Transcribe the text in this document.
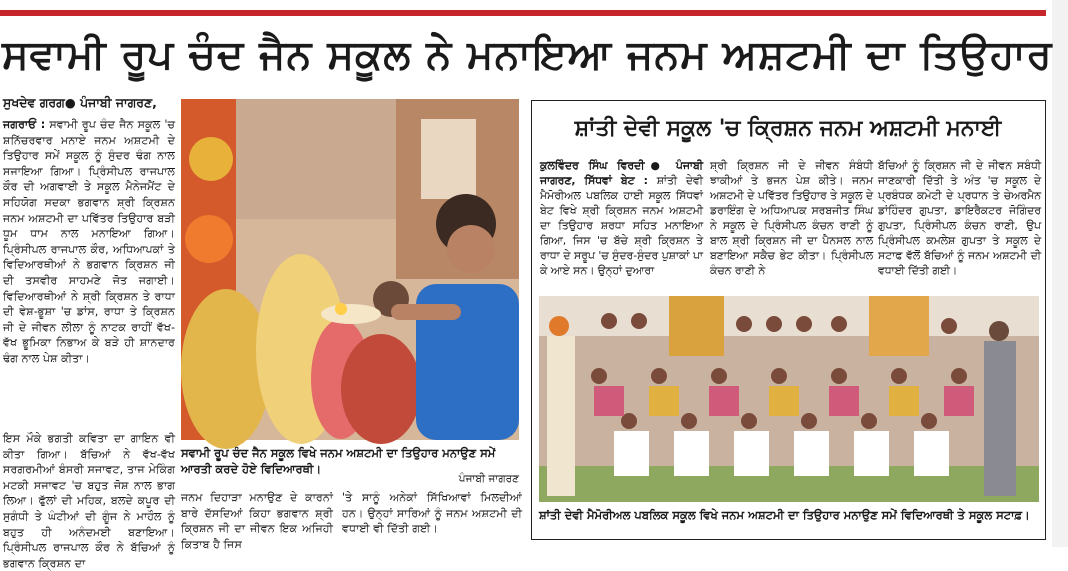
ਸਵਾਮੀ ਰੂਪ ਚੰਦ ਜੈਨ ਸਕੂਲ ਨੇ ਮਨਾਇਆ ਜਨਮ ਅਸ਼ਟਮੀ ਦਾ ਤਿਉਹਾਰ
ਸੁਖਦੇਵ ਗਰਗ● ਪੰਜਾਬੀ ਜਾਗਰਣ,

ਜਗਰਾਓਂ : ਸਵਾਮੀ ਰੂਪ ਚੰਦ ਜੈਨ ਸਕੂਲ 'ਚ ਸ਼ਨਿੱਚਰਵਾਰ ਮਨਾਏ ਜਨਮ ਅਸ਼ਟਮੀ ਦੇ ਤਿਉਹਾਰ ਸਮੇਂ ਸਕੂਲ ਨੂੰ ਸੁੰਦਰ ਢੰਗ ਨਾਲ ਸਜਾਇਆ ਗਿਆ। ਪ੍ਰਿੰਸੀਪਲ ਰਾਜਪਾਲ ਕੌਰ ਦੀ ਅਗਵਾਈ ਤੇ ਸਕੂਲ ਮੈਨੇਜਮੈਂਟ ਦੇ ਸਹਿਯੋਗ ਸਦਕਾ ਭਗਵਾਨ ਸ਼੍ਰੀ ਕ੍ਰਿਸ਼ਨ ਜਨਮ ਅਸ਼ਟਮੀ ਦਾ ਪਵਿੱਤਰ ਤਿਉਹਾਰ ਬੜੀ ਧੂਮ ਧਾਮ ਨਾਲ ਮਨਾਇਆ ਗਿਆ। ਪ੍ਰਿੰਸੀਪਲ ਰਾਜਪਾਲ ਕੌਰ, ਅਧਿਆਪਕਾਂ ਤੇ ਵਿਦਿਆਰਥੀਆਂ ਨੇ ਭਗਵਾਨ ਕ੍ਰਿਸ਼ਨ ਜੀ ਦੀ ਤਸਵੀਰ ਸਾਹਮਣੇ ਜੋਤ ਜਗਾਈ। ਵਿਦਿਆਰਥੀਆਂ ਨੇ ਸ਼੍ਰੀ ਕ੍ਰਿਸ਼ਨ ਤੇ ਰਾਧਾ ਦੀ ਵੇਸ਼-ਭੂਸ਼ਾ 'ਚ ਡਾਂਸ, ਰਾਧਾ ਤੇ ਕ੍ਰਿਸ਼ਨ ਜੀ ਦੇ ਜੀਵਨ ਲੀਲਾ ਨੂੰ ਨਾਟਕ ਰਾਹੀਂ ਵੱਖ-ਵੱਖ ਭੂਮਿਕਾ ਨਿਭਾਅ ਕੇ ਬੜੇ ਹੀ ਸ਼ਾਨਦਾਰ ਢੰਗ ਨਾਲ ਪੇਸ਼ ਕੀਤਾ।

ਇਸ ਮੌਕੇ ਭਗਤੀ ਕਵਿਤਾ ਦਾ ਗਾਇਨ ਵੀ ਕੀਤਾ ਗਿਆ। ਬੱਚਿਆਂ ਨੇ ਵੱਖ-ਵੱਖ ਸਰਗਰਮੀਆਂ ਬੰਸਰੀ ਸਜਾਵਟ, ਤਾਜ ਮੇਕਿੰਗ ਮਟਕੀ ਸਜਾਵਟ 'ਚ ਬਹੁਤ ਜੋਸ਼ ਨਾਲ ਭਾਗ ਲਿਆ। ਫੁੱਲਾਂ ਦੀ ਮਹਿਕ, ਬਲਦੇ ਕਪੂਰ ਦੀ ਸੁਗੰਧੀ ਤੇ ਘੰਟੀਆਂ ਦੀ ਗੂੰਜ ਨੇ ਮਾਹੌਲ ਨੂੰ ਬਹੁਤ ਹੀ ਅਨੰਦਮਈ ਬਣਾਇਆ। ਪ੍ਰਿੰਸੀਪਲ ਰਾਜਪਾਲ ਕੌਰ ਨੇ ਬੱਚਿਆਂ ਨੂੰ ਭਗਵਾਨ ਕ੍ਰਿਸ਼ਨ ਦਾ

ਸਵਾਮੀ ਰੂਪ ਚੰਦ ਜੈਨ ਸਕੂਲ ਵਿਖੇ ਜਨਮ ਅਸ਼ਟਮੀ ਦਾ ਤਿਉਹਾਰ ਮਨਾਉਣ ਸਮੇਂ ਆਰਤੀ ਕਰਦੇ ਹੋਏ ਵਿਦਿਆਰਥੀ।
ਪੰਜਾਬੀ ਜਾਗਰਣ

ਜਨਮ ਦਿਹਾੜਾ ਮਨਾਉਣ ਦੇ ਕਾਰਨਾਂ ਬਾਰੇ ਦੱਸਦਿਆਂ ਕਿਹਾ ਭਗਵਾਨ ਸ਼੍ਰੀ ਕ੍ਰਿਸ਼ਨ ਜੀ ਦਾ ਜੀਵਨ ਇਕ ਅਜਿਹੀ ਕਿਤਾਬ ਹੈ ਜਿਸ

'ਤੇ ਸਾਨੂੰ ਅਨੇਕਾਂ ਸਿੱਖਿਆਵਾਂ ਮਿਲਦੀਆਂ ਹਨ। ਉਨ੍ਹਾਂ ਸਾਰਿਆਂ ਨੂੰ ਜਨਮ ਅਸ਼ਟਮੀ ਦੀ ਵਧਾਈ ਵੀ ਦਿੱਤੀ ਗਈ।

ਸ਼ਾਂਤੀ ਦੇਵੀ ਸਕੂਲ 'ਚ ਕ੍ਰਿਸ਼ਨ ਜਨਮ ਅਸ਼ਟਮੀ ਮਨਾਈ
ਕੁਲਵਿੰਦਰ ਸਿੰਘ ਵਿਰਦੀ● ਪੰਜਾਬੀ ਜਾਗਰਣ, ਸਿੱਧਵਾਂ ਬੇਟ : ਸ਼ਾਂਤੀ ਦੇਵੀ ਮੈਮੋਰੀਅਲ ਪਬਲਿਕ ਹਾਈ ਸਕੂਲ ਸਿੱਧਵਾਂ ਬੇਟ ਵਿਖੇ ਸ਼੍ਰੀ ਕ੍ਰਿਸ਼ਨ ਜਨਮ ਅਸ਼ਟਮੀ ਦਾ ਤਿਉਹਾਰ ਸ਼ਰਧਾ ਸਹਿਤ ਮਨਾਇਆ ਗਿਆ, ਜਿਸ 'ਚ ਬੱਚੇ ਸ਼੍ਰੀ ਕ੍ਰਿਸ਼ਨ ਤੇ ਰਾਧਾ ਦੇ ਸਰੂਪ 'ਚ ਸੁੰਦਰ-ਸੁੰਦਰ ਪੁਸ਼ਾਕਾਂ ਪਾ ਕੇ ਆਏ ਸਨ। ਉਨ੍ਹਾਂ ਦੁਆਰਾ
ਸ਼੍ਰੀ ਕ੍ਰਿਸ਼ਨ ਜੀ ਦੇ ਜੀਵਨ ਸੰਬੰਧੀ ਝਾਕੀਆਂ ਤੇ ਭਜਨ ਪੇਸ਼ ਕੀਤੇ। ਜਨਮ ਅਸ਼ਟਮੀ ਦੇ ਪਵਿੱਤਰ ਤਿਉਹਾਰ ਤੇ ਸਕੂਲ ਦੇ ਡਰਾਇੰਗ ਦੇ ਅਧਿਆਪਕ ਸਰਬਜੀਤ ਸਿੰਘ ਨੇ ਸਕੂਲ ਦੇ ਪ੍ਰਿੰਸੀਪਲ ਕੰਚਨ ਰਾਣੀ ਨੂੰ ਬਾਲ ਸ਼੍ਰੀ ਕ੍ਰਿਸ਼ਨ ਜੀ ਦਾ ਪੈਨਸਲ ਨਾਲ ਬਣਾਇਆ ਸਕੈਚ ਭੇਟ ਕੀਤਾ। ਪ੍ਰਿੰਸੀਪਲ ਕੰਚਨ ਰਾਣੀ ਨੇ
ਬੱਚਿਆਂ ਨੂੰ ਕ੍ਰਿਸ਼ਨ ਜੀ ਦੇ ਜੀਵਨ ਸਬੰਧੀ ਜਾਣਕਾਰੀ ਦਿੱਤੀ ਤੇ ਅੰਤ 'ਚ ਸਕੂਲ ਦੇ ਪ੍ਰਬੰਧਕ ਕਮੇਟੀ ਦੇ ਪ੍ਰਧਾਨ ਤੇ ਚੇਅਰਮੈਨ ਡਾਂਹਿੰਦਰ ਗੁਪਤਾ, ਡਾਇਰੈਕਟਰ ਜੋਗਿੰਦਰ ਗੁਪਤਾ, ਪ੍ਰਿੰਸੀਪਲ ਕੰਚਨ ਰਾਣੀ, ਉਪ ਪ੍ਰਿੰਸੀਪਲ ਕਮਲੇਸ਼ ਗੁਪਤਾ ਤੇ ਸਕੂਲ ਦੇ ਸਟਾਫ ਵੱਲੋਂ ਬੱਚਿਆਂ ਨੂੰ ਜਨਮ ਅਸ਼ਟਮੀ ਦੀ ਵਧਾਈ ਦਿੱਤੀ ਗਈ।
ਸ਼ਾਂਤੀ ਦੇਵੀ ਮੈਮੋਰੀਅਲ ਪਬਲਿਕ ਸਕੂਲ ਵਿਖੇ ਜਨਮ ਅਸ਼ਟਮੀ ਦਾ ਤਿਉਹਾਰ ਮਨਾਉਣ ਸਮੇਂ ਵਿਦਿਆਰਥੀ ਤੇ ਸਕੂਲ ਸਟਾਫ਼।
